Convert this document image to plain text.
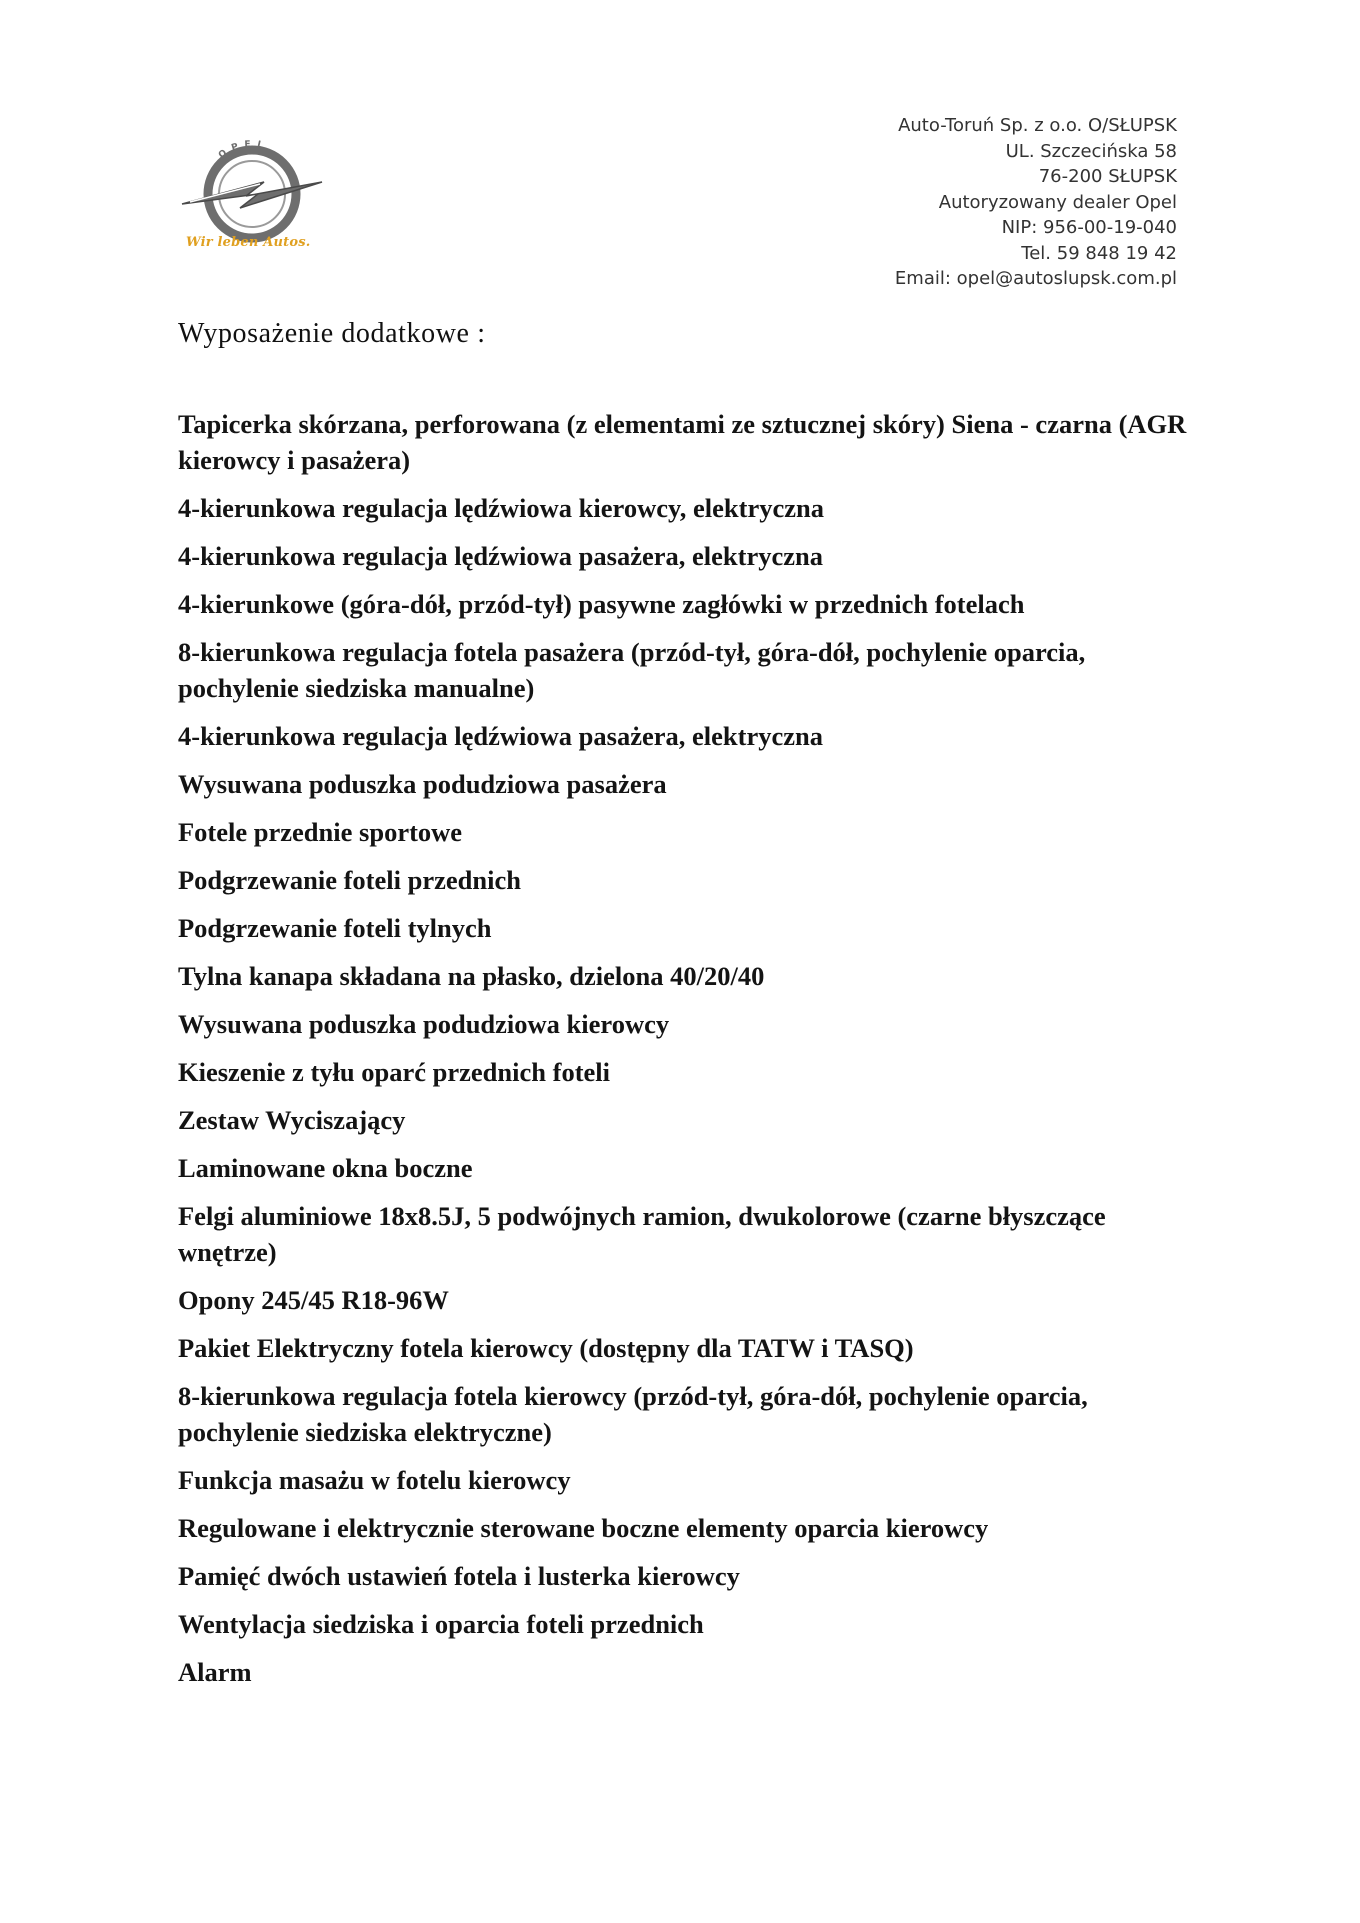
OPEL
Wir leben Autos.
Auto-Toruń Sp. z o.o. O/SŁUPSK
UL. Szczecińska 58
76-200 SŁUPSK
Autoryzowany dealer Opel
NIP: 956-00-19-040
Tel. 59 848 19 42
Email: opel@autoslupsk.com.pl
Wyposażenie dodatkowe :
Tapicerka skórzana, perforowana (z elementami ze sztucznej skóry) Siena - czarna (AGR kierowcy i pasażera)
4-kierunkowa regulacja lędźwiowa kierowcy, elektryczna
4-kierunkowa regulacja lędźwiowa pasażera, elektryczna
4-kierunkowe (góra-dół, przód-tył) pasywne zagłówki w przednich fotelach
8-kierunkowa regulacja fotela pasażera (przód-tył, góra-dół, pochylenie oparcia, pochylenie siedziska manualne)
4-kierunkowa regulacja lędźwiowa pasażera, elektryczna
Wysuwana poduszka podudziowa pasażera
Fotele przednie sportowe
Podgrzewanie foteli przednich
Podgrzewanie foteli tylnych
Tylna kanapa składana na płasko, dzielona 40/20/40
Wysuwana poduszka podudziowa kierowcy
Kieszenie z tyłu oparć przednich foteli
Zestaw Wyciszający
Laminowane okna boczne
Felgi aluminiowe 18x8.5J, 5 podwójnych ramion, dwukolorowe (czarne błyszczące wnętrze)
Opony 245/45 R18-96W
Pakiet Elektryczny fotela kierowcy (dostępny dla TATW i TASQ)
8-kierunkowa regulacja fotela kierowcy (przód-tył, góra-dół, pochylenie oparcia, pochylenie siedziska elektryczne)
Funkcja masażu w fotelu kierowcy
Regulowane i elektrycznie sterowane boczne elementy oparcia kierowcy
Pamięć dwóch ustawień fotela i lusterka kierowcy
Wentylacja siedziska i oparcia foteli przednich
Alarm
